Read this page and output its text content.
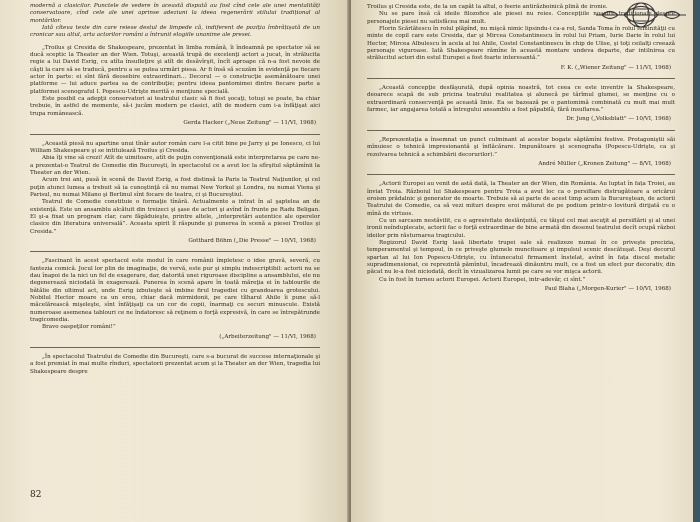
modernă a clasicilor. Punctele de vedere în această dispută au fost cînd cele ale unei mentalități conservatoare, cînd cele ale unei aprinse adeziuni la ideea regenerării stilului tradițional al montărilor.

Iată cîteva texte din care reiese destul de limpede că, indiferent de poziția îmbrățișată de un cronicar sau altul, arta actorilor români a întrunit elogiile unanime ale presei.

„Troilus şi Cresida de Shakespeare, prezentat în limba română, îi îndeamnă pe spectator să se ducă sceptic la Theater an der Wien. Totuşi, această trupă de excelenţi actori a jucat, în strălucita regie a lui David Esrig, cu atîta însufleţire şi atît de desăvîrşit, încît aproape că n-a fost nevoie de căşti la care să se traducă, pentru a se putea urmări piesa. Ar fi însă să scuzăm în evidenţă pe fiecare actor în parte: ei sînt fără deosebire extraordinari... Decorul — o construcţie asemănătoare unei platforme — lui aduce partea sa de contribuţie; pentru ideea pantomimei dintre fiecare parte a platformei scenograful I. Popescu-Udrişte merită o menţiune specială.

Este posibil ca adepţii conservatori ai teatrului clasic să fi fost şocaţi, totuşi se poate, ba chiar trebuie, în astfel de momente, să-i jucăm modern pe clasici, atît de modern cum i-a înfăţişat aici trupa românească.

Gerda Hacker („Neue Zeitung" — 11/VI, 1968)

„Această piesă nu apartine unui tînăr autor român care l-a citit bine pe Jarry şi pe Ionesco, ci lui William Shakespeare şi se intitulează Troilus şi Cresida.

Abia îţi vine să crezi! Atît de uimitoare, atît de puţin convenţională este interpretarea pe care ne-a prezentat-o Teatrul de Comedie din Bucureşti, în spectacolul ce a avut loc la sfîrşitul săptămînii la Theater an der Wien.

Acum trei ani, pusă în scenă de David Esrig, a fost distinsă la Paris la Teatrul Naţiunilor, şi cel puţin atunci lumea a trebuit să ia cunoştinţă că nu numai New Yorkul şi Londra, nu numai Viena şi Parisul, nu numai Milano şi Berlinul sînt focare de teatru, ci şi Bucureştiul.

Teatrul de Comedie constituie o formaţie tînără. Actualmente a intrat în al şaptelea an de existenţă. Este un ansamblu alcătuit din treizeci şi şase de actori şi avînd în frunte pe Radu Beligan. El şi-a fixat un program clar, care făgăduieşte, printre altele, „interpretări autentice ale operelor clasice din literatura universală”. Aceasta spirit îl răspunde şi punerea în scenă a piesei Troilus şi Cresida.”

Gotthard Böhm („Die Presse" — 10/VI, 1968)

„Fascinant în acest spectacol este modul în care românii împletesc o idee gravă, severă, cu fantezia comică. Jocul lor plin de imaginaţie, de vervă, este pur şi simplu indescriptibil: actorii nu se dau înapoi de la nici un fel de exagerare, dar, datorită unei riguroase discipline a ansamblului, ele nu degenerează niciodată în exagerează. Punerea în scenă apare în toată măreţia ei în tablourile de bătălie din ultimul act, unde Esrig izbuteşte să imbine firul tragediei cu grandoarea grotescului. Nobilul Hector moare ca un erou, chiar dacă mirmidonii, pe care tîlharul Ahile îi pune să-l măcelărească mişeleşte, sînt înfăţişaţi ca un cor de copii, înarmaţi cu securi minuscule. Există numeroase asemenea tablouri ce ne îndatoresc să reţinem o forţă expresivă, în care se întrepătrunde tragicomedia.

Bravo oaspeţilor români!”

(„Arbeiterzeitung" — 11/VI, 1968)

„În spectacolul Teatrului de Comedie din Bucureşti, care s-a bucurat de succese internaţionale şi a fost premiat în mai multe rînduri, spectatorii prezentat acum şi la Theater an der Wien, tragedia lui Shakespeare despre

82

Troilus şi Cresida este, de la un capăt la altul, o feerie antirăzboinică plină de ironie.

Nu se pare însă că ideile filozofice ale piesei nu reies. Concepţiile noastre tradiţionale despre personajele piesei nu satisfăcea mai mult.

Florin Scărlătescu în rolul plăpînd, nu mişcă nimic lipsindu-i ca-a rol, Sanda Toma în rolul feminităţii cu minte de copil care este Cresida, dar şi Mircea Constantinescu în rolul lui Priam, Iurie Darie în rolul lui Hector, Mircea Albulescu în acela al lui Ahile, Costel Constantinescu în chip de Ulise, şi toţi ceilalţi creează personaje viguroase. Iată Shakespeare rămîne în această montare undeva departe, dar intilnirea cu strălucitul actori din estul Europei a fost foarte interesantă.”

F. K. („Wiener Zeitung" — 11/VI, 1968)

„Această concepţie desfăşurată, după opinia noastră, tot ceea ce este inventiv la Shakespeare, deoarece scapă de sub pricina teatrului realitatea şi alunecă pe tărîmul glumei, se menţine cu o extraordinară consecvenţă pe această linie. Ea se bazează pe o pantomimă combinată cu mult mai mult farmec, iar angajarea totală a întregului ansamblu a fost păpabilă, fără insuflarea.”

Dr. Jung („Volksblatt" — 10/VI, 1968)

„Reprezentaţia a însemnat un punct culminant al acestor bogate săptămîni festive. Protagoniştii săi mînuiesc o tehnică impresionantă şi înflăcărare. Impunătoare şi scenografia (Popescu-Udrişte, ca şi rezolvarea tehnică a schimbării decorurilor).”

André Müller („Kronen Zeitung" — 8/VI, 1968)

„Actorii Europei au venit de astă dată, la Theater an der Wien, din România. Au luptat în fața Troiei, au înviat Troia. Războiul lui Shakespeare pentru Troia a avut loc ca o persiflare distrugătoare a oricărui eroism prădalnic şi generator de moarte. Trebuie să ai parte de acest timp acum la Bucureştean, de actorii Teatrului de Comedie, ca să vezi mituri despre eroi măturat de pe podium printr-o lovitură dirijată cu o mînă de virtuos.

Cu un sarcasm nestăvilit, cu o agresivitate deslănţuită, cu tăişul cel mai ascuţit al persiflării şi al unei ironii neînduplecate, actorii fac o forţă extraordinar de bine armată din desenul teatrului decît ocupă război ideilor prin răsturnarea tragicului.

Regizorul David Esrig lasă libertate trupei sale să realizeze numai în ce priveşte precizia, temperamentul şi tempoul, în ce priveşte glumele muncitoare şi impulsul scenic descătuşat. Deşi decorul spartan al lui Ion Popescu-Udrişte, cu întunecatul firmament înstelat, avînd în fața discul metalic supradimensionat, ce reprezintă pămîntul, încadrează dinăuntru mult, ce a fost un efect pur decorativ, din păcat nu le-a fost niciodată, decît în vizualizarea lumii pe care se vor mişca actorii.

Cu în fost în turneu actorii Europei. Actorii Europei, intr-adevăr, ci sînt.”

Paul Blaha („Morgen-Kurier" — 10/VI, 1968)
